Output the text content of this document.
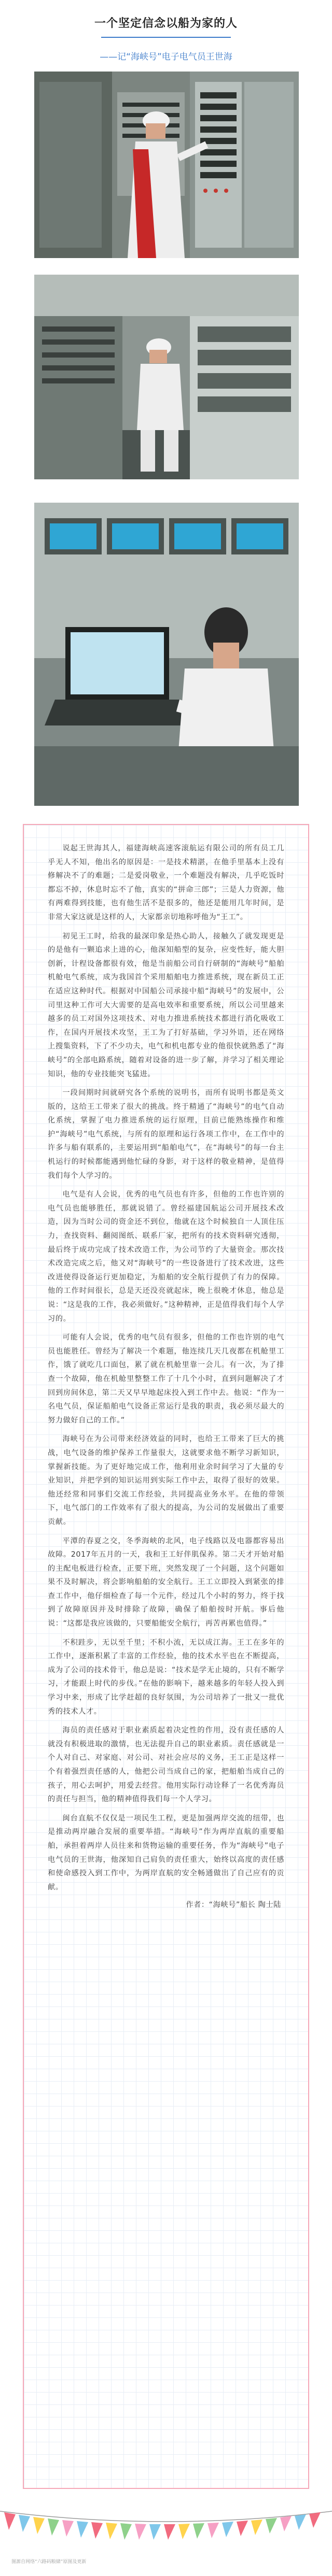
一个坚定信念以船为家的人
——记“海峡号”电子电气员王世海

说起王世海其人，福建海峡高速客滚航运有限公司的所有员工几乎无人不知，他出名的原因是：一是技术精湛，在他手里基本上没有修解决不了的难题；二是爱岗敬业，一个难题没有解决，几乎吃饭时都忘不掉，休息时忘不了他，真实的“拼命三郎”；三是人力资源，他有两难得到技能，也有他生活不是很多的，他还是能用几年时间，是非常大家这就是这样的人，大家都亲切地称呼他为“王工”。

初见王工时，给我的最深印象是热心助人，接触久了就发现更是的是他有一颗追求上进的心，他深知船型的复杂，应变性好，能大胆创新，计程设备都很有效，他是当前船公司自行研制的“海峡号”船舶机舱电气系统，成为我国首个采用船舶电力推进系统，现在新员工正在适应这种时代。根据对中国船公司承接中船“海峡号”的发展中，公司里这种工作可大大需要的是高电效率和重要系统，所以公司里越来越多的员工对国外这项技术、对电力推进系统技术都进行消化吸收工作，在国内开展技术攻坚，王工为了打好基础，学习外语，还在网络上搜集资料，下了不少功夫，电气和机电都专业的他很快就熟悉了“海峡号”的全部电路系统，随着对设备的进一步了解，并学习了相关理论知识，他的专业技能突飞猛进。

一段间期时间就研究各个系统的说明书，而所有说明书都是英文版的，这给王工带来了很大的挑战。终于精通了“海峡号”的电气自动化系统，掌握了电力推进系统的运行原理，目前已能熟练操作和维护“海峡号”电气系统，与所有的原理和运行各项工作中，在工作中的许多与船有联系的，主要运用到“船舶电气”，在“海峡号”的每一台主机运行的时候都能遇到他忙碌的身影，对于这样的敬业精神，是值得我们每个人学习的。

电气是有人会说，优秀的电气员也有许多，但他的工作也许别的电气员也能够胜任，那就说错了。曾经福建国航运公司开展技术改造，因为当时公司的资金还不到位，他就在这个时候独自一人顶住压力，查找资料、翻阅图纸、联系厂家，把所有的技术资料研究透彻，最后终于成功完成了技术改造工作，为公司节约了大量资金。那次技术改造完成之后，他又对“海峡号”的一些设备进行了技术改进，这些改进使得设备运行更加稳定，为船舶的安全航行提供了有力的保障。他的工作时间很长，总是天还没亮就起床，晚上很晚才休息，他总是说：“这是我的工作，我必须做好。”这种精神，正是值得我们每个人学习的。

可能有人会说，优秀的电气员有很多，但他的工作也许别的电气员也能胜任。曾经为了解决一个难题，他连续几天几夜都在机舱里工作，饿了就吃几口面包，累了就在机舱里靠一会儿。有一次，为了排查一个故障，他在机舱里整整工作了十几个小时，直到问题解决了才回到房间休息，第二天又早早地起床投入到工作中去。他说：“作为一名电气员，保证船舶电气设备正常运行是我的职责，我必须尽最大的努力做好自己的工作。”

海峡号在为公司带来经济效益的同时，也给王工带来了巨大的挑战，电气设备的维护保养工作量很大，这就要求他不断学习新知识，掌握新技能。为了更好地完成工作，他利用业余时间学习了大量的专业知识，并把学到的知识运用到实际工作中去，取得了很好的效果。他还经常和同事们交流工作经验，共同提高业务水平。在他的带领下，电气部门的工作效率有了很大的提高，为公司的发展做出了重要贡献。

平潭的春夏之交，冬季海峡的北风，电子线路以及电器都容易出故障。2017年五月的一天，我和王工好伴肌保养。第二天才开始对船的主配电板进行检查，正要下班，突然发现了一个问题，这个问题如果不及时解决，将会影响船舶的安全航行。王工立即投入到紧张的排查工作中，他仔细检查了每一个元件，经过几个小时的努力，终于找到了故障原因并及时排除了故障，确保了船舶按时开航。事后他说：“这都是我应该做的，只要船能安全航行，再苦再累也值得。”

不积跬步，无以至千里；不积小流，无以成江海。王工在多年的工作中，逐渐积累了丰富的工作经验，他的技术水平也在不断提高，成为了公司的技术骨干，他总是说：“技术是学无止境的，只有不断学习，才能跟上时代的步伐。”在他的影响下，越来越多的年轻人投入到学习中来，形成了比学赶超的良好氛围，为公司培养了一批又一批优秀的技术人才。

海员的责任感对于职业素质起着决定性的作用，没有责任感的人就没有积极进取的激情，也无法提升自己的职业素质。责任感就是一个人对自己、对家庭、对公司、对社会应尽的义务，王工正是这样一个有着强烈责任感的人，他把公司当成自己的家，把船舶当成自己的孩子，用心去呵护，用爱去经营。他用实际行动诠释了一名优秀海员的责任与担当，他的精神值得我们每一个人学习。

闽台直航不仅仅是一项民生工程，更是加强两岸交流的纽带，也是推动两岸融合发展的重要举措。“海峡号”作为两岸直航的重要船舶，承担着两岸人员往来和货物运输的重要任务，作为“海峡号”电子电气员的王世海，他深知自己肩负的责任重大，始终以高度的责任感和使命感投入到工作中，为两岸直航的安全畅通做出了自己应有的贡献。

作者：“海峡号”船长 陶士陆
图源自网络“六路码粮储”原图及更新
